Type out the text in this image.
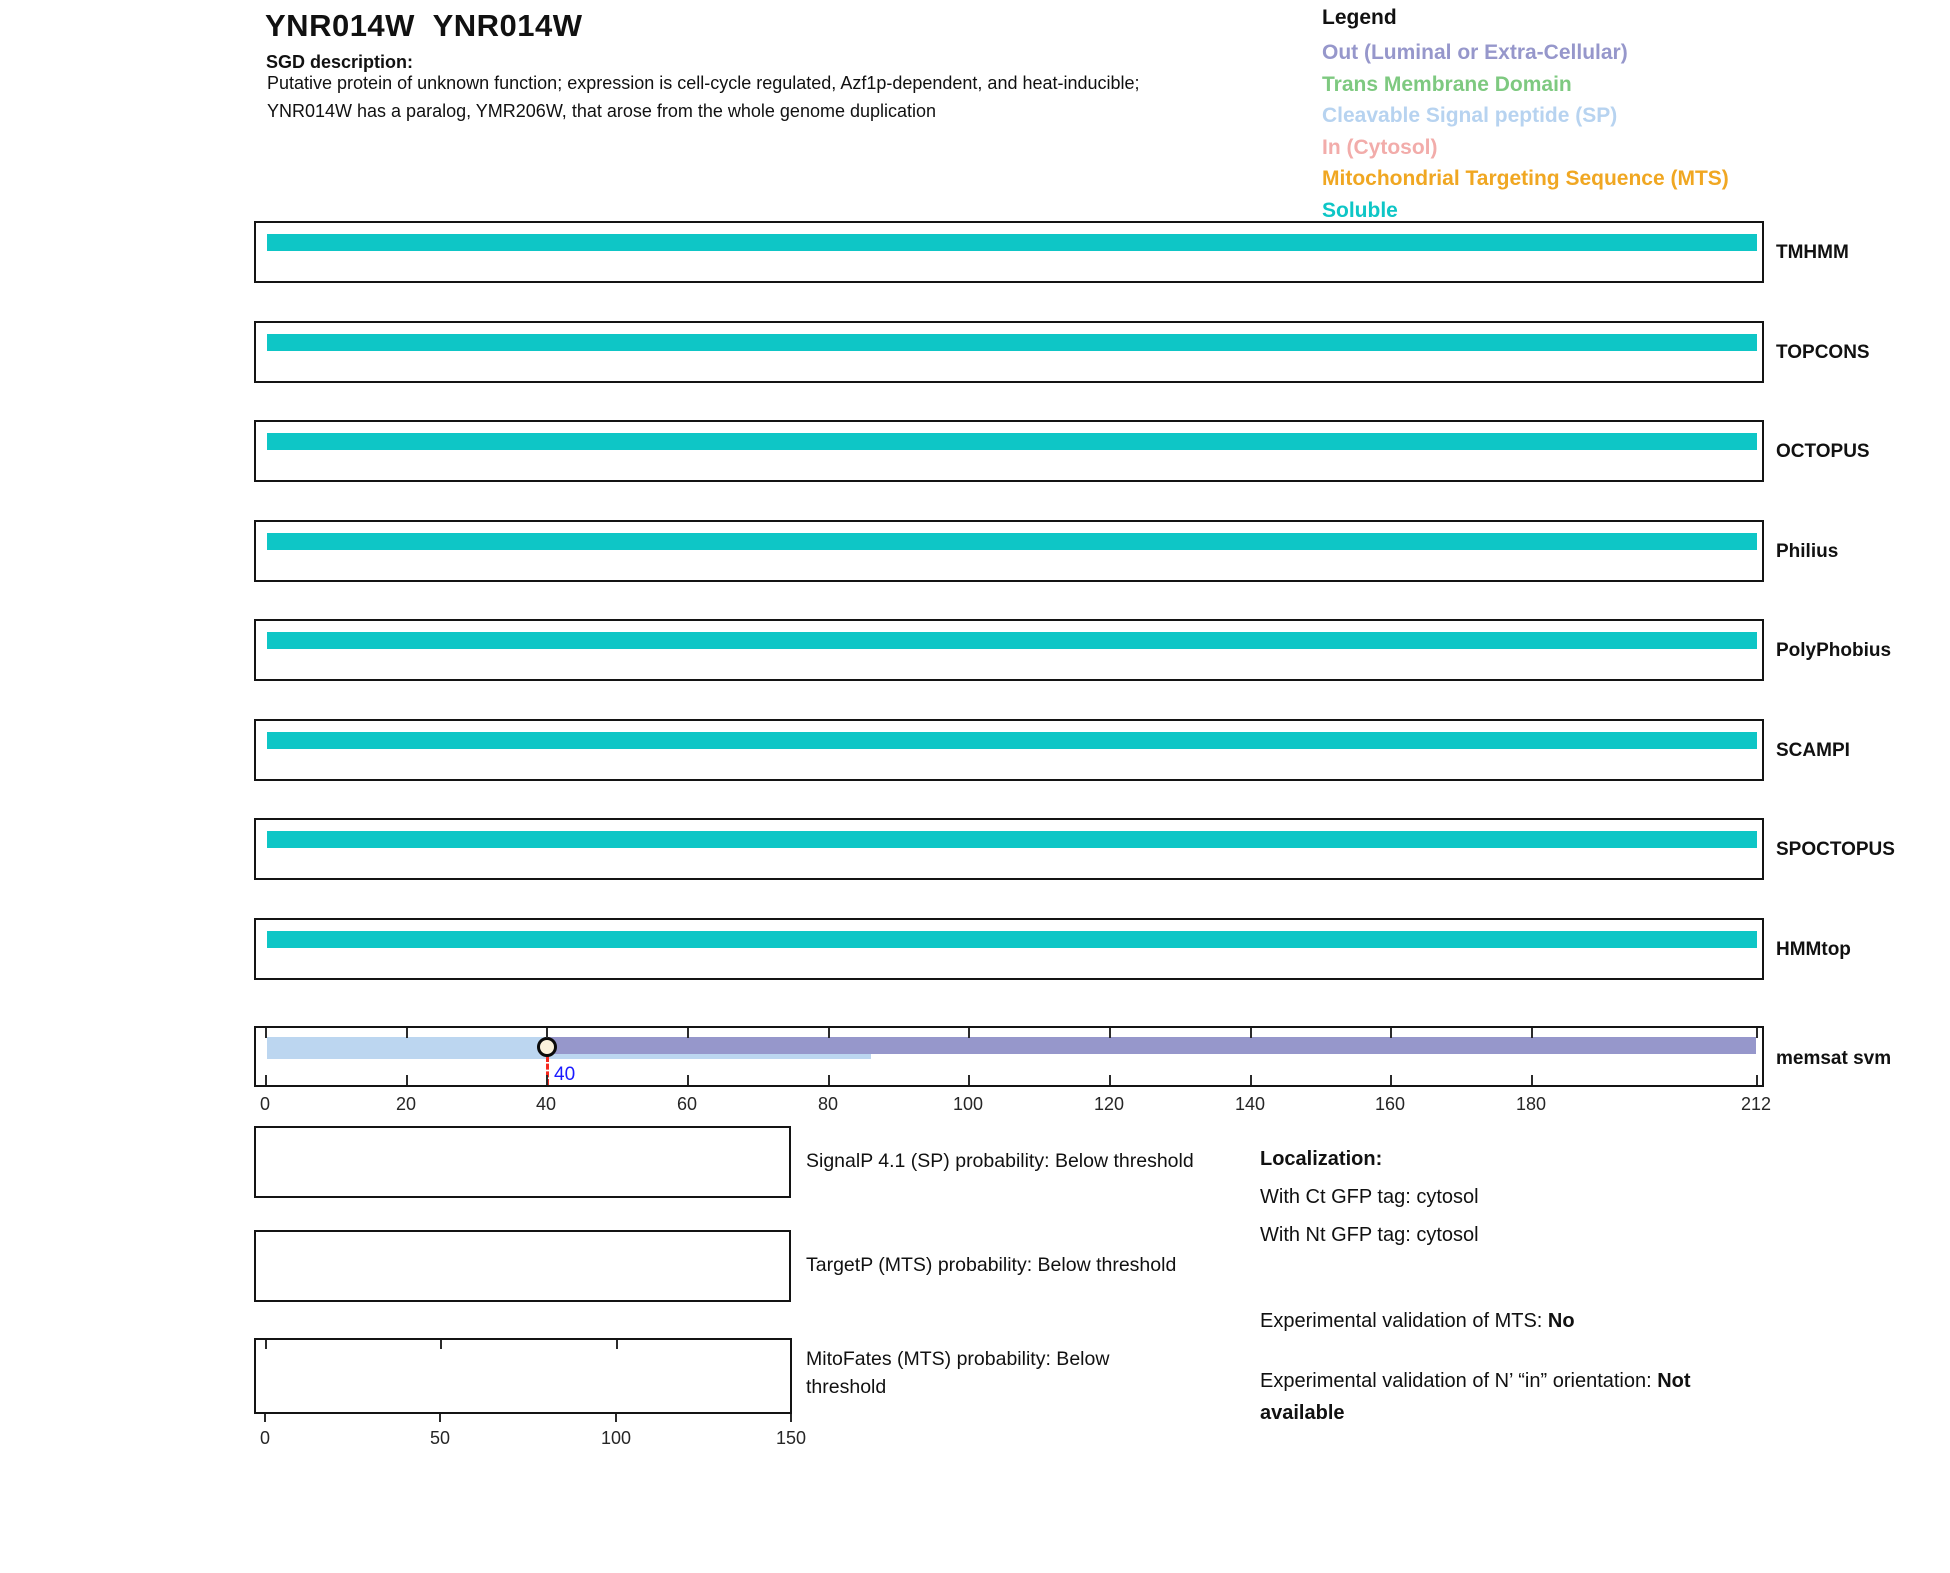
YNR014W  YNR014W
SGD description:
Putative protein of unknown function; expression is cell-cycle regulated, Azf1p-dependent, and heat-inducible;
YNR014W has a paralog, YMR206W, that arose from the whole genome duplication
Legend
Out (Luminal or Extra-Cellular)
Trans Membrane Domain
Cleavable Signal peptide (SP)
In (Cytosol)
Mitochondrial Targeting Sequence (MTS)
Soluble
TMHMM
TOPCONS
OCTOPUS
Philius
PolyPhobius
SCAMPI
SPOCTOPUS
HMMtop
40
memsat svm
0	20	40	60	80	100	120	140	160	180	212
SignalP 4.1 (SP) probability: Below threshold
TargetP (MTS) probability: Below threshold
MitoFates (MTS) probability: Below
threshold
0	50	100	150
Localization:
With Ct GFP tag: cytosol
With Nt GFP tag: cytosol
Experimental validation of MTS: No
Experimental validation of N’ “in” orientation: Not
available
